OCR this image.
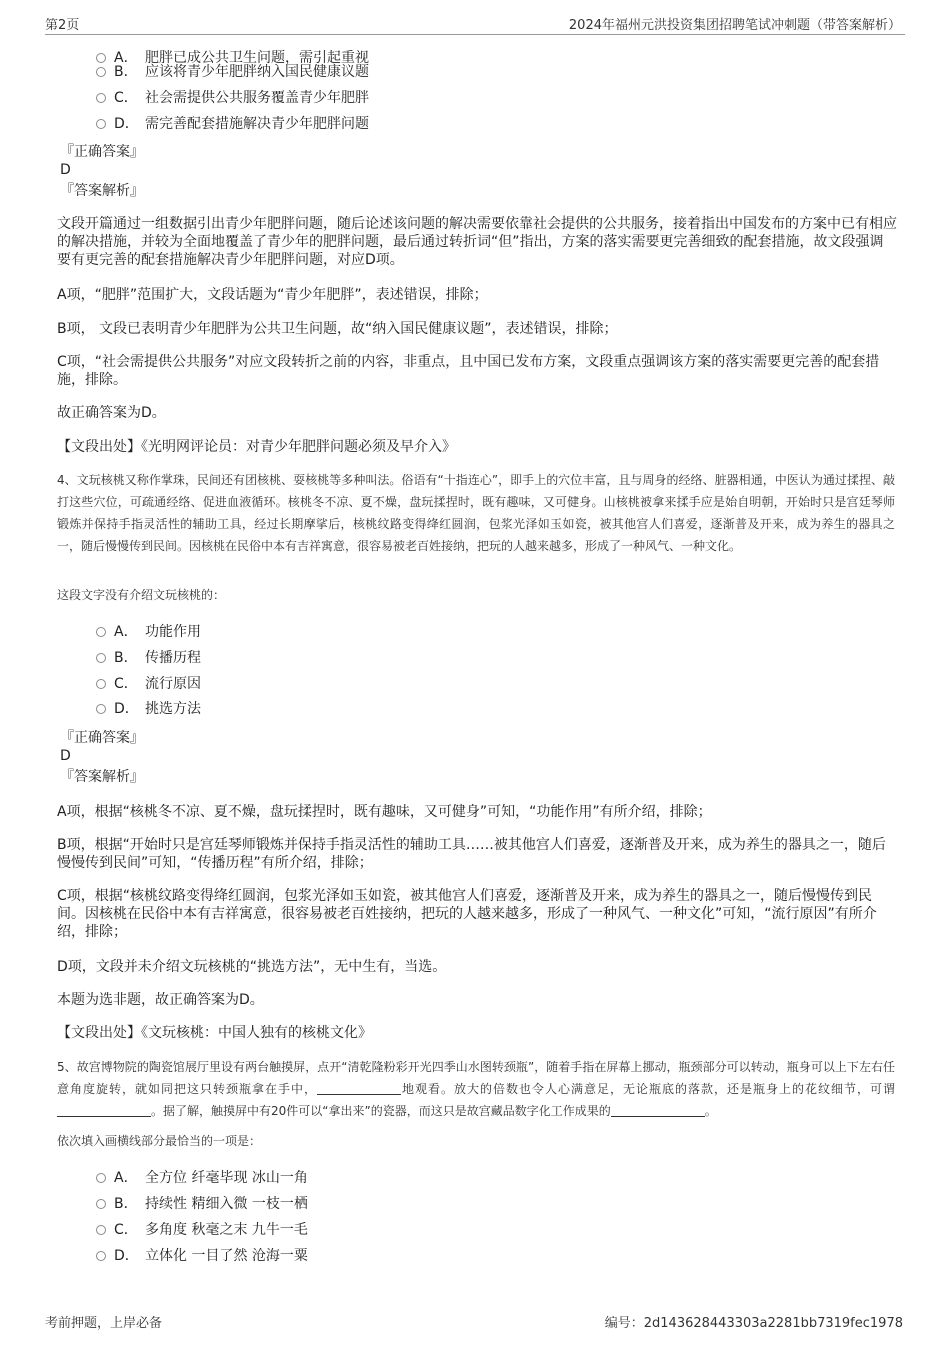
第2页	2024年福州元洪投资集团招聘笔试冲刺题（带答案解析）
A． 肥胖已成公共卫生问题，需引起重视
B． 应该将青少年肥胖纳入国民健康议题
C． 社会需提供公共服务覆盖青少年肥胖
D． 需完善配套措施解决青少年肥胖问题
『正确答案』
D
『答案解析』
文段开篇通过一组数据引出青少年肥胖问题，随后论述该问题的解决需要依靠社会提供的公共服务，接着指出中国发布的方案中已有相应的解决措施，并较为全面地覆盖了青少年的肥胖问题，最后通过转折词“但”指出，方案的落实需要更完善细致的配套措施，故文段强调要有更完善的配套措施解决青少年肥胖问题，对应D项。
A项，“肥胖”范围扩大，文段话题为“青少年肥胖”，表述错误，排除；
B项， 文段已表明青少年肥胖为公共卫生问题，故“纳入国民健康议题”，表述错误，排除；
C项，“社会需提供公共服务”对应文段转折之前的内容，非重点，且中国已发布方案，文段重点强调该方案的落实需要更完善的配套措施，排除。
故正确答案为D。
【文段出处】《光明网评论员：对青少年肥胖问题必须及早介入》
4、文玩核桃又称作掌珠，民间还有团核桃、耍核桃等多种叫法。俗语有“十指连心”，即手上的穴位丰富，且与周身的经络、脏器相通，中医认为通过揉捏、敲打这些穴位，可疏通经络、促进血液循环。核桃冬不凉、夏不燥，盘玩揉捏时，既有趣味，又可健身。山核桃被拿来揉手应是始自明朝，开始时只是宫廷琴师锻炼并保持手指灵活性的辅助工具，经过长期摩挲后，核桃纹路变得绛红圆润，包浆光泽如玉如瓷，被其他宫人们喜爱，逐渐普及开来，成为养生的器具之一，随后慢慢传到民间。因核桃在民俗中本有吉祥寓意，很容易被老百姓接纳，把玩的人越来越多，形成了一种风气、一种文化。
这段文字没有介绍文玩核桃的：
A． 功能作用
B． 传播历程
C． 流行原因
D． 挑选方法
『正确答案』
D
『答案解析』
A项，根据“核桃冬不凉、夏不燥，盘玩揉捏时，既有趣味，又可健身”可知，“功能作用”有所介绍，排除；
B项，根据“开始时只是宫廷琴师锻炼并保持手指灵活性的辅助工具……被其他宫人们喜爱，逐渐普及开来，成为养生的器具之一，随后慢慢传到民间”可知，“传播历程”有所介绍，排除；
C项，根据“核桃纹路变得绛红圆润，包浆光泽如玉如瓷，被其他宫人们喜爱，逐渐普及开来，成为养生的器具之一，随后慢慢传到民间。因核桃在民俗中本有吉祥寓意，很容易被老百姓接纳，把玩的人越来越多，形成了一种风气、一种文化”可知，“流行原因”有所介绍，排除；
D项，文段并未介绍文玩核桃的“挑选方法”，无中生有，当选。
本题为选非题，故正确答案为D。
【文段出处】《文玩核桃：中国人独有的核桃文化》
5、故宫博物院的陶瓷馆展厅里设有两台触摸屏，点开“清乾隆粉彩开光四季山水图转颈瓶”，随着手指在屏幕上挪动，瓶颈部分可以转动，瓶身可以上下左右任意角度旋转，就如同把这只转颈瓶拿在手中，	地观看。放大的倍数也令人心满意足，无论瓶底的落款，还是瓶身上的花纹细节，可谓。据了解，触摸屏中有20件可以“拿出来”的瓷器，而这只是故宫藏品数字化工作成果的	。
依次填入画横线部分最恰当的一项是：
A． 全方位 纤毫毕现 冰山一角
B． 持续性 精细入微 一枝一栖
C． 多角度 秋毫之末 九牛一毛
D． 立体化 一目了然 沧海一粟
考前押题，上岸必备	编号：2d143628443303a2281bb7319fec1978
